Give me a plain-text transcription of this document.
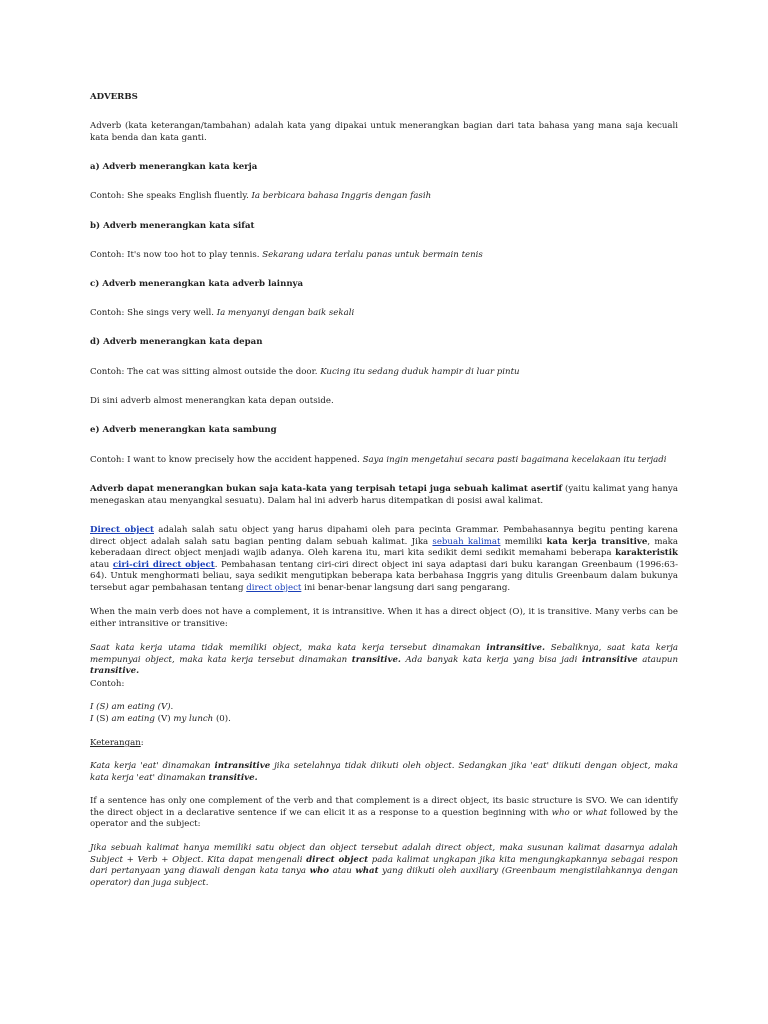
ADVERBS

Adverb (kata keterangan/tambahan) adalah kata yang dipakai untuk menerangkan bagian dari tata bahasa yang mana saja kecuali kata benda dan kata ganti.

a) Adverb menerangkan kata kerja

Contoh: She speaks English fluently. Ia berbicara bahasa Inggris dengan fasih

b) Adverb menerangkan kata sifat

Contoh: It's now too hot to play tennis. Sekarang udara terlalu panas untuk bermain tenis

c) Adverb menerangkan kata adverb lainnya

Contoh: She sings very well. Ia menyanyi dengan baik sekali

d) Adverb menerangkan kata depan

Contoh: The cat was sitting almost outside the door. Kucing itu sedang duduk hampir di luar pintu

Di sini adverb almost menerangkan kata depan outside.

e) Adverb menerangkan kata sambung

Contoh: I want to know precisely how the accident happened. Saya ingin mengetahui secara pasti bagaimana kecelakaan itu terjadi

Adverb dapat menerangkan bukan saja kata-kata yang terpisah tetapi juga sebuah kalimat asertif (yaitu kalimat yang hanya menegaskan atau menyangkal sesuatu). Dalam hal ini adverb harus ditempatkan di posisi awal kalimat.

Direct object adalah salah satu object yang harus dipahami oleh para pecinta Grammar. Pembahasannya begitu penting karena direct object adalah salah satu bagian penting dalam sebuah kalimat. Jika sebuah kalimat memiliki kata kerja transitive, maka keberadaan direct object menjadi wajib adanya. Oleh karena itu, mari kita sedikit demi sedikit memahami beberapa karakteristik atau ciri-ciri direct object. Pembahasan tentang ciri-ciri direct object ini saya adaptasi dari buku karangan Greenbaum (1996:63-64). Untuk menghormati beliau, saya sedikit mengutipkan beberapa kata berbahasa Inggris yang ditulis Greenbaum dalam bukunya tersebut agar pembahasan tentang direct object ini benar-benar langsung dari sang pengarang.

When the main verb does not have a complement, it is intransitive. When it has a direct object (O), it is transitive. Many verbs can be either intransitive or transitive:

Saat kata kerja utama tidak memiliki object, maka kata kerja tersebut dinamakan intransitive. Sebaliknya, saat kata kerja mempunyai object, maka kata kerja tersebut dinamakan transitive. Ada banyak kata kerja yang bisa jadi intransitive ataupun transitive.

Contoh:

I (S) am eating (V).

I (S) am eating (V) my lunch (0).

Keterangan:

Kata kerja 'eat' dinamakan intransitive jika setelahnya tidak diikuti oleh object. Sedangkan jika 'eat' diikuti dengan object, maka kata kerja 'eat' dinamakan transitive.

If a sentence has only one complement of the verb and that complement is a direct object, its basic structure is SVO. We can identify the direct object in a declarative sentence if we can elicit it as a response to a question beginning with who or what followed by the operator and the subject:

Jika sebuah kalimat hanya memiliki satu object dan object tersebut adalah direct object, maka susunan kalimat dasarnya adalah Subject + Verb + Object. Kita dapat mengenali direct object pada kalimat ungkapan jika kita mengungkapkannya sebagai respon dari pertanyaan yang diawali dengan kata tanya who atau what yang diikuti oleh auxiliary (Greenbaum mengistilahkannya dengan operator) dan juga subject.
